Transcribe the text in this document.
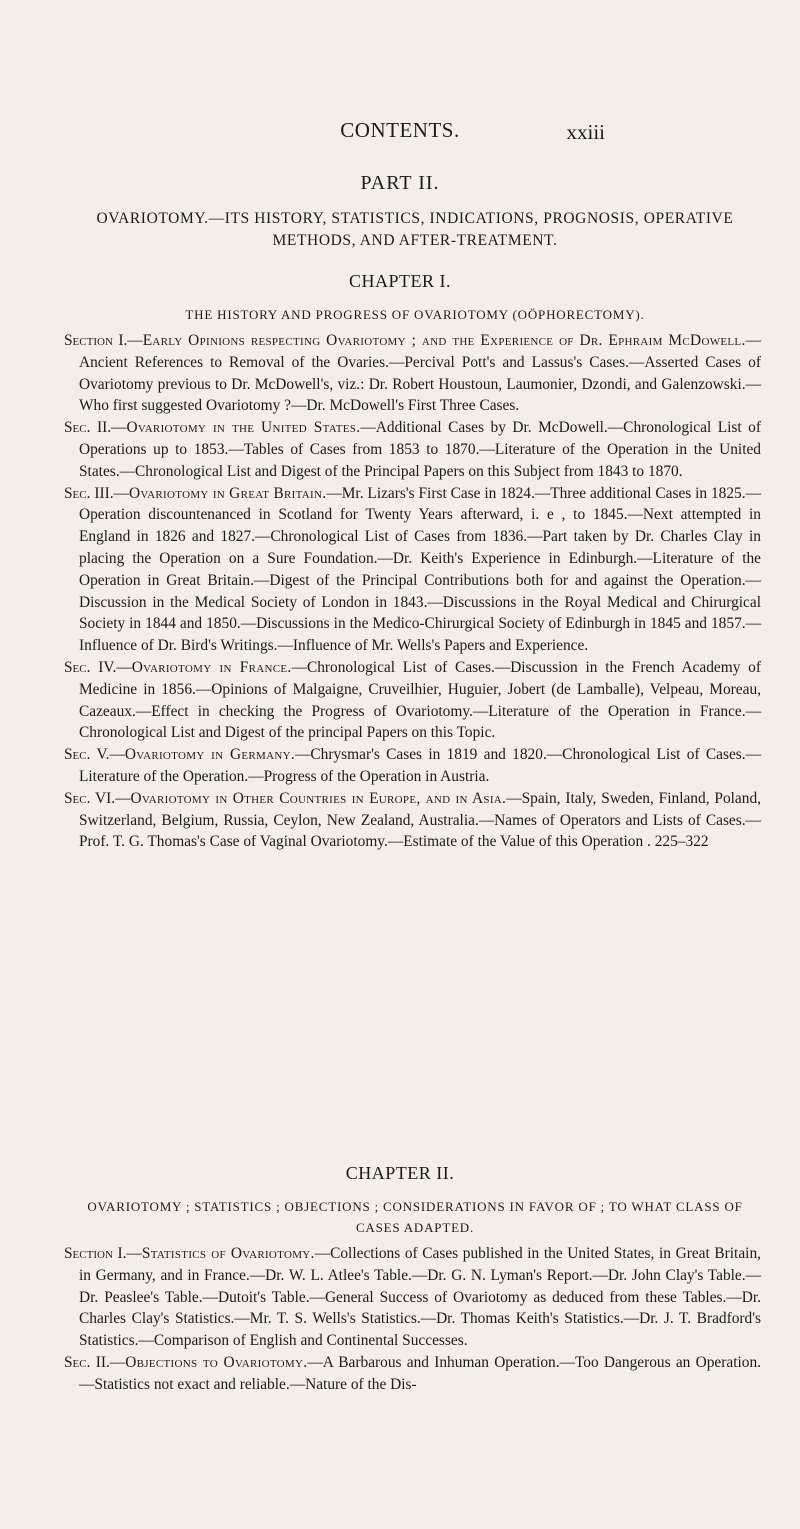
CONTENTS.	xxiii
PART II.
OVARIOTOMY.—ITS HISTORY, STATISTICS, INDICATIONS, PROGNOSIS, OPERATIVE METHODS, AND AFTER-TREATMENT.
CHAPTER I.
THE HISTORY AND PROGRESS OF OVARIOTOMY (OÖPHORECTOMY).

Section I.—Early Opinions respecting Ovariotomy ; and the Experience of Dr. Ephraim McDowell.—Ancient References to Removal of the Ovaries.—Percival Pott's and Lassus's Cases.—Asserted Cases of Ovariotomy previous to Dr. McDowell's, viz.: Dr. Robert Houstoun, Laumonier, Dzondi, and Galenzowski.—Who first suggested Ovariotomy ?—Dr. McDowell's First Three Cases.

Sec. II.—Ovariotomy in the United States.—Additional Cases by Dr. McDowell.—Chronological List of Operations up to 1853.—Tables of Cases from 1853 to 1870.—Literature of the Operation in the United States.—Chronological List and Digest of the Principal Papers on this Subject from 1843 to 1870.

Sec. III.—Ovariotomy in Great Britain.—Mr. Lizars's First Case in 1824.—Three additional Cases in 1825.—Operation discountenanced in Scotland for Twenty Years afterward, i. e , to 1845.—Next attempted in England in 1826 and 1827.—Chronological List of Cases from 1836.—Part taken by Dr. Charles Clay in placing the Operation on a Sure Foundation.—Dr. Keith's Experience in Edinburgh.—Literature of the Operation in Great Britain.—Digest of the Principal Contributions both for and against the Operation.—Discussion in the Medical Society of London in 1843.—Discussions in the Royal Medical and Chirurgical Society in 1844 and 1850.—Discussions in the Medico-Chirurgical Society of Edinburgh in 1845 and 1857.—Influence of Dr. Bird's Writings.—Influence of Mr. Wells's Papers and Experience.

Sec. IV.—Ovariotomy in France.—Chronological List of Cases.—Discussion in the French Academy of Medicine in 1856.—Opinions of Malgaigne, Cruveilhier, Huguier, Jobert (de Lamballe), Velpeau, Moreau, Cazeaux.—Effect in checking the Progress of Ovariotomy.—Literature of the Operation in France.—Chronological List and Digest of the principal Papers on this Topic.

Sec. V.—Ovariotomy in Germany.—Chrysmar's Cases in 1819 and 1820.—Chronological List of Cases.—Literature of the Operation.—Progress of the Operation in Austria.

Sec. VI.—Ovariotomy in Other Countries in Europe, and in Asia.—Spain, Italy, Sweden, Finland, Poland, Switzerland, Belgium, Russia, Ceylon, New Zealand, Australia.—Names of Operators and Lists of Cases.—Prof. T. G. Thomas's Case of Vaginal Ovariotomy.—Estimate of the Value of this Operation . 225–322

CHAPTER II.
OVARIOTOMY ; STATISTICS ; OBJECTIONS ; CONSIDERATIONS IN FAVOR OF ; TO WHAT CLASS OF CASES ADAPTED.

Section I.—Statistics of Ovariotomy.—Collections of Cases published in the United States, in Great Britain, in Germany, and in France.—Dr. W. L. Atlee's Table.—Dr. G. N. Lyman's Report.—Dr. John Clay's Table.—Dr. Peaslee's Table.—Dutoit's Table.—General Success of Ovariotomy as deduced from these Tables.—Dr. Charles Clay's Statistics.—Mr. T. S. Wells's Statistics.—Dr. Thomas Keith's Statistics.—Dr. J. T. Bradford's Statistics.—Comparison of English and Continental Successes.

Sec. II.—Objections to Ovariotomy.—A Barbarous and Inhuman Operation.—Too Dangerous an Operation.—Statistics not exact and reliable.—Nature of the Dis-
